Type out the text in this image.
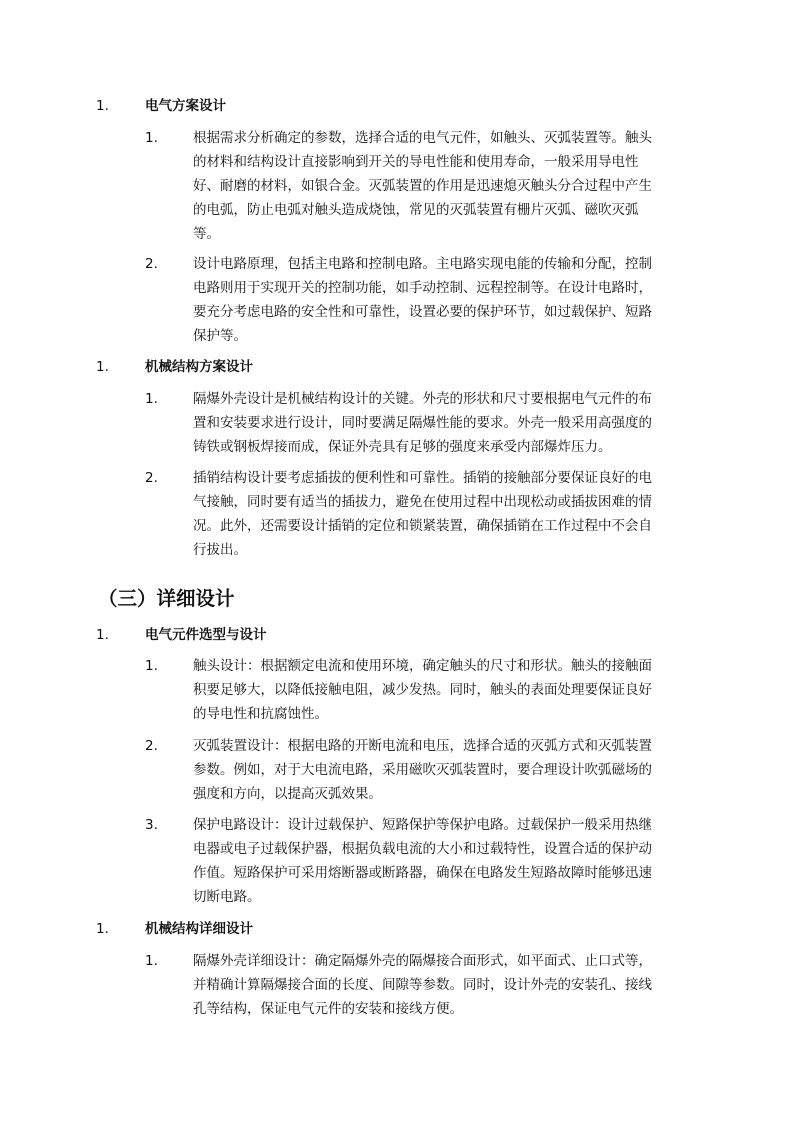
1.	电气方案设计
1.	根据需求分析确定的参数，选择合适的电气元件，如触头、灭弧装置等。触头
的材料和结构设计直接影响到开关的导电性能和使用寿命，一般采用导电性
好、耐磨的材料，如银合金。灭弧装置的作用是迅速熄灭触头分合过程中产生
的电弧，防止电弧对触头造成烧蚀，常见的灭弧装置有栅片灭弧、磁吹灭弧
等。
2.	设计电路原理，包括主电路和控制电路。主电路实现电能的传输和分配，控制
电路则用于实现开关的控制功能，如手动控制、远程控制等。在设计电路时，
要充分考虑电路的安全性和可靠性，设置必要的保护环节，如过载保护、短路
保护等。
1.	机械结构方案设计
1.	隔爆外壳设计是机械结构设计的关键。外壳的形状和尺寸要根据电气元件的布
置和安装要求进行设计，同时要满足隔爆性能的要求。外壳一般采用高强度的
铸铁或钢板焊接而成，保证外壳具有足够的强度来承受内部爆炸压力。
2.	插销结构设计要考虑插拔的便利性和可靠性。插销的接触部分要保证良好的电
气接触，同时要有适当的插拔力，避免在使用过程中出现松动或插拔困难的情
况。此外，还需要设计插销的定位和锁紧装置，确保插销在工作过程中不会自
行拔出。
（三）详细设计
1.	电气元件选型与设计
1.	触头设计：根据额定电流和使用环境，确定触头的尺寸和形状。触头的接触面
积要足够大，以降低接触电阻，减少发热。同时，触头的表面处理要保证良好
的导电性和抗腐蚀性。
2.	灭弧装置设计：根据电路的开断电流和电压，选择合适的灭弧方式和灭弧装置
参数。例如，对于大电流电路，采用磁吹灭弧装置时，要合理设计吹弧磁场的
强度和方向，以提高灭弧效果。
3.	保护电路设计：设计过载保护、短路保护等保护电路。过载保护一般采用热继
电器或电子过载保护器，根据负载电流的大小和过载特性，设置合适的保护动
作值。短路保护可采用熔断器或断路器，确保在电路发生短路故障时能够迅速
切断电路。
1.	机械结构详细设计
1.	隔爆外壳详细设计：确定隔爆外壳的隔爆接合面形式，如平面式、止口式等，
并精确计算隔爆接合面的长度、间隙等参数。同时，设计外壳的安装孔、接线
孔等结构，保证电气元件的安装和接线方便。
